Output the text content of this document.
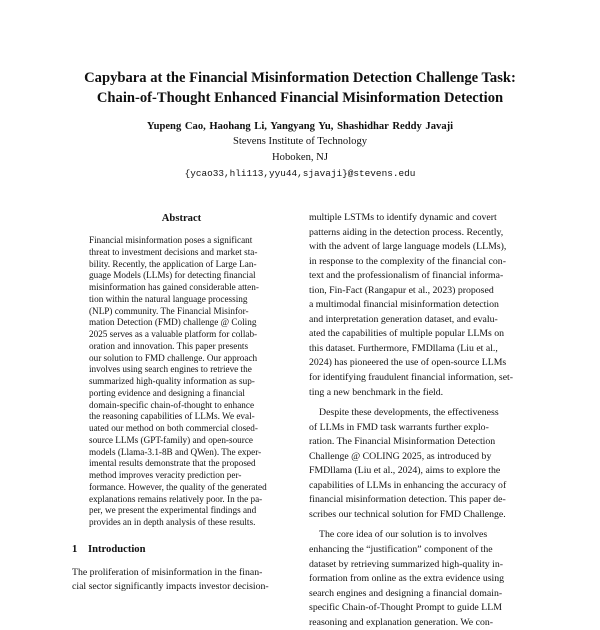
Capybara at the Financial Misinformation Detection Challenge Task:
Chain-of-Thought Enhanced Financial Misinformation Detection
Yupeng Cao, Haohang Li, Yangyang Yu, Shashidhar Reddy Javaji
Stevens Institute of Technology
Hoboken, NJ
{ycao33,hli113,yyu44,sjavaji}@stevens.edu
Abstract
Financial misinformation poses a significant
threat to investment decisions and market sta-
bility. Recently, the application of Large Lan-
guage Models (LLMs) for detecting financial
misinformation has gained considerable atten-
tion within the natural language processing
(NLP) community. The Financial Misinfor-
mation Detection (FMD) challenge @ Coling
2025 serves as a valuable platform for collab-
oration and innovation. This paper presents
our solution to FMD challenge. Our approach
involves using search engines to retrieve the
summarized high-quality information as sup-
porting evidence and designing a financial
domain-specific chain-of-thought to enhance
the reasoning capabilities of LLMs. We eval-
uated our method on both commercial closed-
source LLMs (GPT-family) and open-source
models (Llama-3.1-8B and QWen). The exper-
imental results demonstrate that the proposed
method improves veracity prediction per-
formance. However, the quality of the generated
explanations remains relatively poor. In the pa-
per, we present the experimental findings and
provides an in depth analysis of these results.
1 Introduction
The proliferation of misinformation in the finan-
cial sector significantly impacts investor decision-
multiple LSTMs to identify dynamic and covert
patterns aiding in the detection process. Recently,
with the advent of large language models (LLMs),
in response to the complexity of the financial con-
text and the professionalism of financial informa-
tion, Fin-Fact (Rangapur et al., 2023) proposed
a multimodal financial misinformation detection
and interpretation generation dataset, and evalu-
ated the capabilities of multiple popular LLMs on
this dataset. Furthermore, FMDllama (Liu et al.,
2024) has pioneered the use of open-source LLMs
for identifying fraudulent financial information, set-
ting a new benchmark in the field.
Despite these developments, the effectiveness
of LLMs in FMD task warrants further explo-
ration. The Financial Misinformation Detection
Challenge @ COLING 2025, as introduced by
FMDllama (Liu et al., 2024), aims to explore the
capabilities of LLMs in enhancing the accuracy of
financial misinformation detection. This paper de-
scribes our technical solution for FMD Challenge.
The core idea of our solution is to involves
enhancing the “justification” component of the
dataset by retrieving summarized high-quality in-
formation from online as the extra evidence using
search engines and designing a financial domain-
specific Chain-of-Thought Prompt to guide LLM
reasoning and explanation generation. We con-
